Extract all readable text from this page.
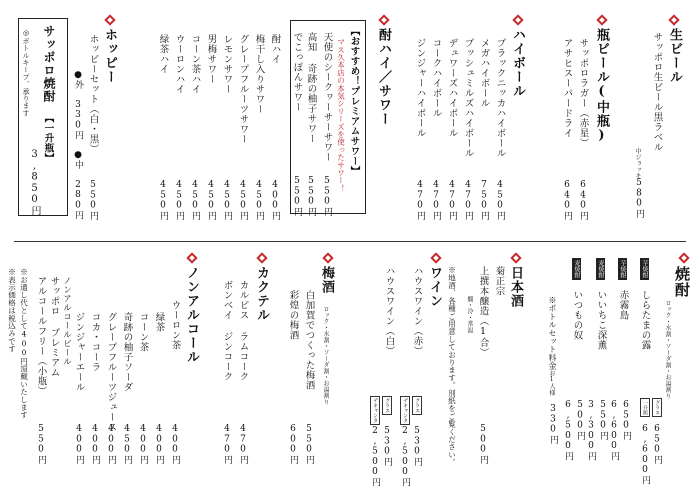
生ビール
サッポロ生ビール黒ラベル
中ジョッキ
580円
瓶ビール(中瓶)
サッポロラガー（赤星）
640円
アサヒスーパードライ
640円
ハイボール
ブラックニッカハイボール
450円
メガハイボール
750円
ブッシュミルズハイボール
470円
デュワーズハイボール
470円
コークハイボール
470円
ジンジャーハイボール
470円
酎ハイ／サワー
【おすすめ！プレミアムサワー】
マス久本店の本気シリーズを使ったサワー！
天使のシークヮーサーサワー
550円
高知 奇跡の柚子サワー
550円
でこっぽんサワー
550円
酎ハイ
400円
梅干し入りサワー
450円
グレープフルーツサワー
450円
レモンサワー
450円
男梅サワー
450円
コーン茶ハイ
450円
ウーロンハイ
450円
緑茶ハイ
450円
ホッピー
ホッピーセット（白・黒）
550円
●外 330円
●中 280円
サッポロ焼酎
【一升瓶】
3,850円
◎ボトルキープ、承ります
焼酎
ロック・水割・ソーダ割・お湯割り
芋焼酎
しらたまの露
グラス
650円
一升瓶
6,600円
芋焼酎
赤霧島
650円
6,600円
麦焼酎
いいちこ深薫
550円
3,300円
麦焼酎
いつもの奴
500円
6,500円
※ボトルセット料金
お1人様
330円
日本酒
菊正宗
上撰本醸造（1合）
燗・冷・常温
500円
※地酒、各種ご用意しております。別紙をご覧ください。
ワイン
ハウスワイン（赤）
グラス
530円
デキャンタ
2,500円
ハウスワイン（白）
グラス
530円
デキャンタ
2,500円
梅酒
ロック・水割・ソーダ割・お湯割り
白加賀でつくった梅酒
550円
彩煌の梅酒
600円
カクテル
カルピス ラムコーク
470円
ボンベイ ジンコーク
470円
ノンアルコール
ウーロン茶
400円
緑茶
400円
コーン茶
400円
奇跡の柚子ソーダ
450円
グレープフルーツジュース
400円
コカ・コーラ
400円
ジンジャーエール
400円
ノンアルコールビール
サッポロ プレミアム
アルコールフリー（小瓶）
550円
※お通し代として400円頂戴いたします
※表示価格は税込みです
